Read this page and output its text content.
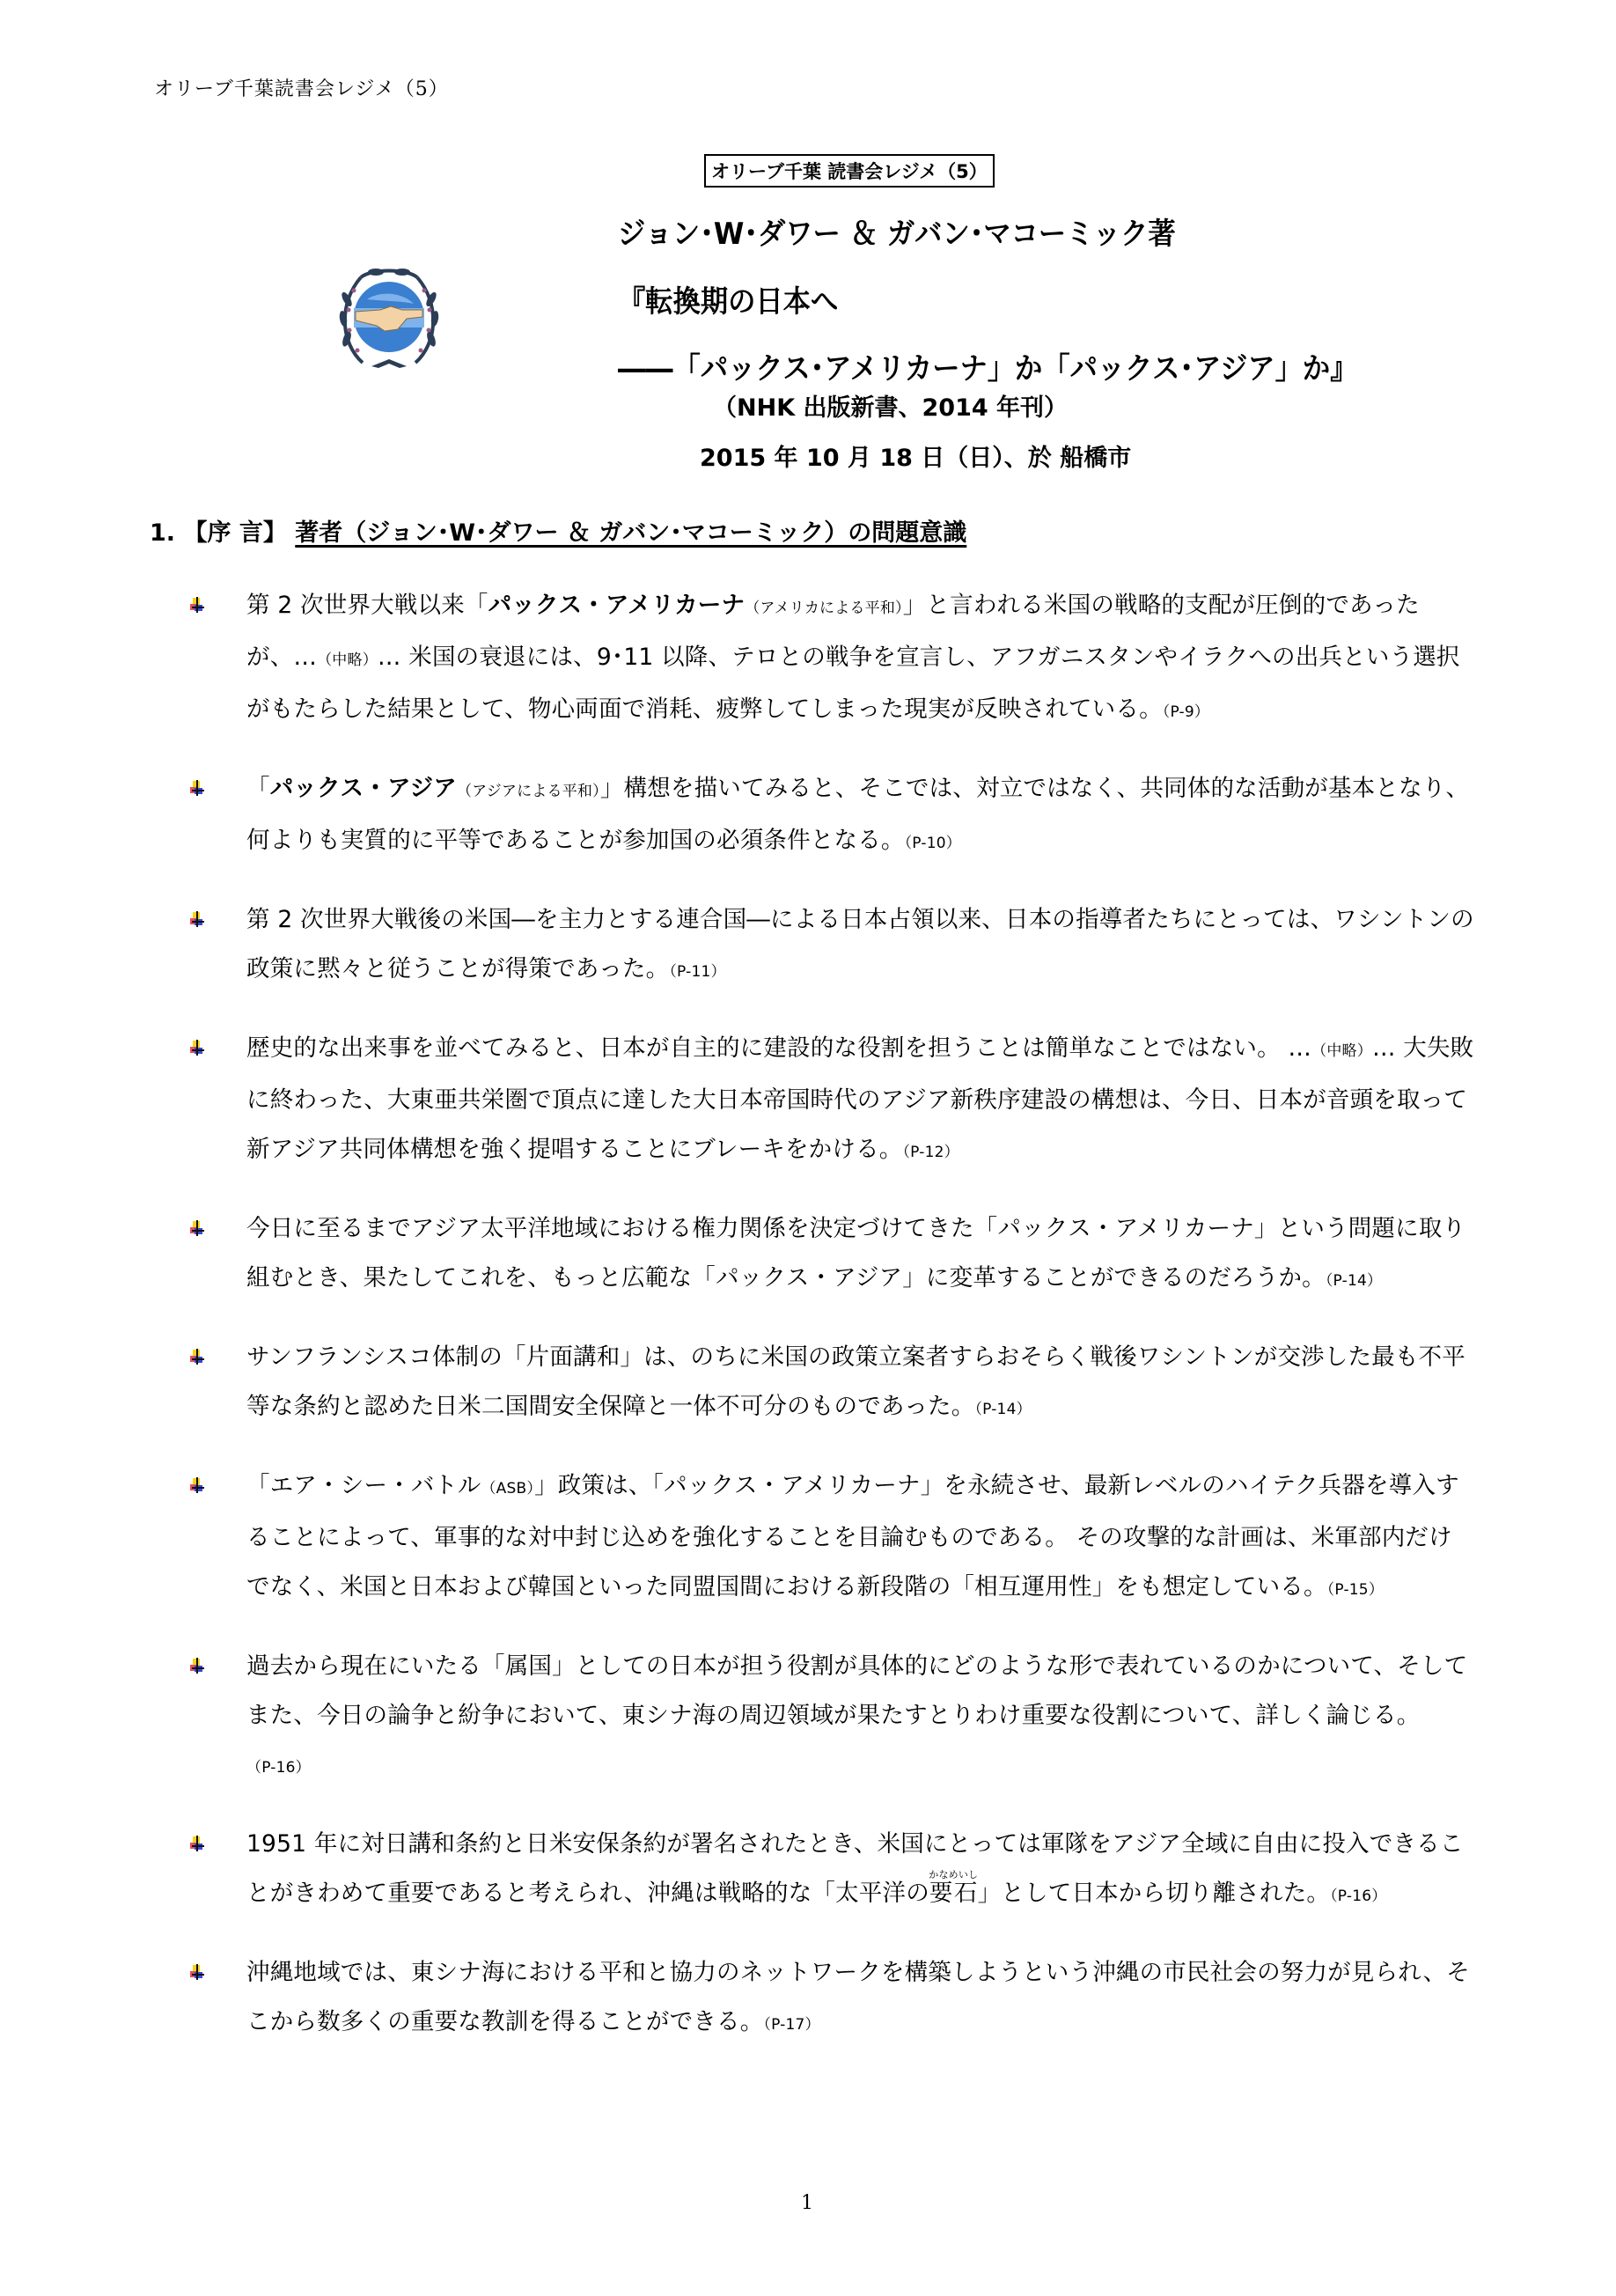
オリーブ千葉読書会レジメ（5）
オリーブ千葉 読書会レジメ（5）
ジョン･W･ダワー ＆ ガバン･マコーミック著
『転換期の日本へ
――「パックス･アメリカーナ」か「パックス･アジア」か』
（NHK 出版新書、2014 年刊）
2015 年 10 月 18 日（日）、於 船橋市
1. 【序 言】 著者（ジョン･W･ダワー ＆ ガバン･マコーミック）の問題意識
第 2 次世界大戦以来「パックス・アメリカーナ（アメリカによる平和）」と言われる米国の戦略的支配が圧倒的であったが、…（中略）… 米国の衰退には、9･11 以降、テロとの戦争を宣言し、アフガニスタンやイラクへの出兵という選択がもたらした結果として、物心両面で消耗、疲弊してしまった現実が反映されている。（P-9）
「パックス・アジア（アジアによる平和）」構想を描いてみると、そこでは、対立ではなく、共同体的な活動が基本となり、何よりも実質的に平等であることが参加国の必須条件となる。（P-10）
第 2 次世界大戦後の米国―を主力とする連合国―による日本占領以来、日本の指導者たちにとっては、ワシントンの政策に黙々と従うことが得策であった。（P-11）
歴史的な出来事を並べてみると、日本が自主的に建設的な役割を担うことは簡単なことではない。 …（中略）… 大失敗に終わった、大東亜共栄圏で頂点に達した大日本帝国時代のアジア新秩序建設の構想は、今日、日本が音頭を取って新アジア共同体構想を強く提唱することにブレーキをかける。（P-12）
今日に至るまでアジア太平洋地域における権力関係を決定づけてきた「パックス・アメリカーナ」という問題に取り組むとき、果たしてこれを、もっと広範な「パックス・アジア」に変革することができるのだろうか。（P-14）
サンフランシスコ体制の「片面講和」は、のちに米国の政策立案者すらおそらく戦後ワシントンが交渉した最も不平等な条約と認めた日米二国間安全保障と一体不可分のものであった。（P-14）
「エア・シー・バトル（ASB）」政策は、「パックス・アメリカーナ」を永続させ、最新レベルのハイテク兵器を導入することによって、軍事的な対中封じ込めを強化することを目論むものである。 その攻撃的な計画は、米軍部内だけでなく、米国と日本および韓国といった同盟国間における新段階の「相互運用性」をも想定している。（P-15）
過去から現在にいたる「属国」としての日本が担う役割が具体的にどのような形で表れているのかについて、そしてまた、今日の論争と紛争において、東シナ海の周辺領域が果たすとりわけ重要な役割について、詳しく論じる。（P-16）
1951 年に対日講和条約と日米安保条約が署名されたとき、米国にとっては軍隊をアジア全域に自由に投入できることがきわめて重要であると考えられ、沖縄は戦略的な「太平洋の要石かなめいし」として日本から切り離された。（P-16）
沖縄地域では、東シナ海における平和と協力のネットワークを構築しようという沖縄の市民社会の努力が見られ、そこから数多くの重要な教訓を得ることができる。（P-17）
1
